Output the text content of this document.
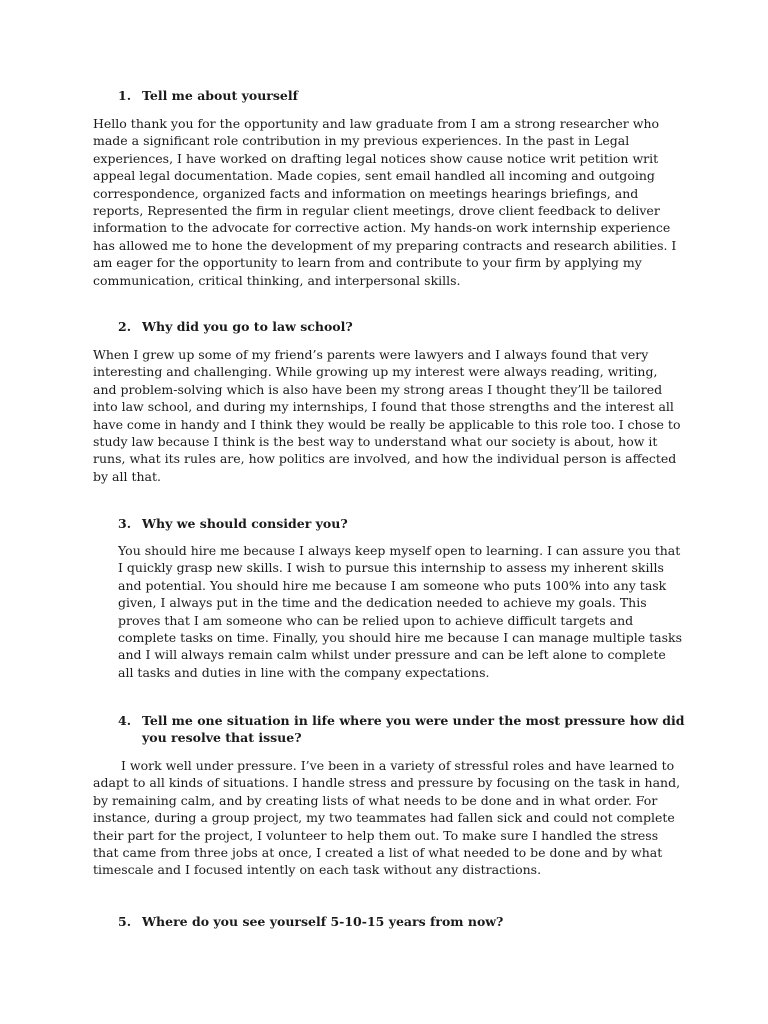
1. Tell me about yourself
Hello thank you for the opportunity and law graduate from I am a strong researcher who made a significant role contribution in my previous experiences. In the past in Legal experiences, I have worked on drafting legal notices show cause notice writ petition writ appeal legal documentation. Made copies, sent email handled all incoming and outgoing correspondence, organized facts and information on meetings hearings briefings, and reports, Represented the firm in regular client meetings, drove client feedback to deliver information to the advocate for corrective action. My hands-on work internship experience has allowed me to hone the development of my preparing contracts and research abilities. I am eager for the opportunity to learn from and contribute to your firm by applying my communication, critical thinking, and interpersonal skills.
2. Why did you go to law school?
When I grew up some of my friend’s parents were lawyers and I always found that very interesting and challenging. While growing up my interest were always reading, writing, and problem-solving which is also have been my strong areas I thought they’ll be tailored into law school, and during my internships, I found that those strengths and the interest all have come in handy and I think they would be really be applicable to this role too. I chose to study law because I think is the best way to understand what our society is about, how it runs, what its rules are, how politics are involved, and how the individual person is affected by all that.
3. Why we should consider you?
You should hire me because I always keep myself open to learning. I can assure you that I quickly grasp new skills. I wish to pursue this internship to assess my inherent skills and potential. You should hire me because I am someone who puts 100% into any task given, I always put in the time and the dedication needed to achieve my goals. This proves that I am someone who can be relied upon to achieve difficult targets and complete tasks on time. Finally, you should hire me because I can manage multiple tasks and I will always remain calm whilst under pressure and can be left alone to complete all tasks and duties in line with the company expectations.
4. Tell me one situation in life where you were under the most pressure how did you resolve that issue?
I work well under pressure. I’ve been in a variety of stressful roles and have learned to adapt to all kinds of situations. I handle stress and pressure by focusing on the task in hand, by remaining calm, and by creating lists of what needs to be done and in what order. For instance, during a group project, my two teammates had fallen sick and could not complete their part for the project, I volunteer to help them out. To make sure I handled the stress that came from three jobs at once, I created a list of what needed to be done and by what timescale and I focused intently on each task without any distractions.
5. Where do you see yourself 5-10-15 years from now?
